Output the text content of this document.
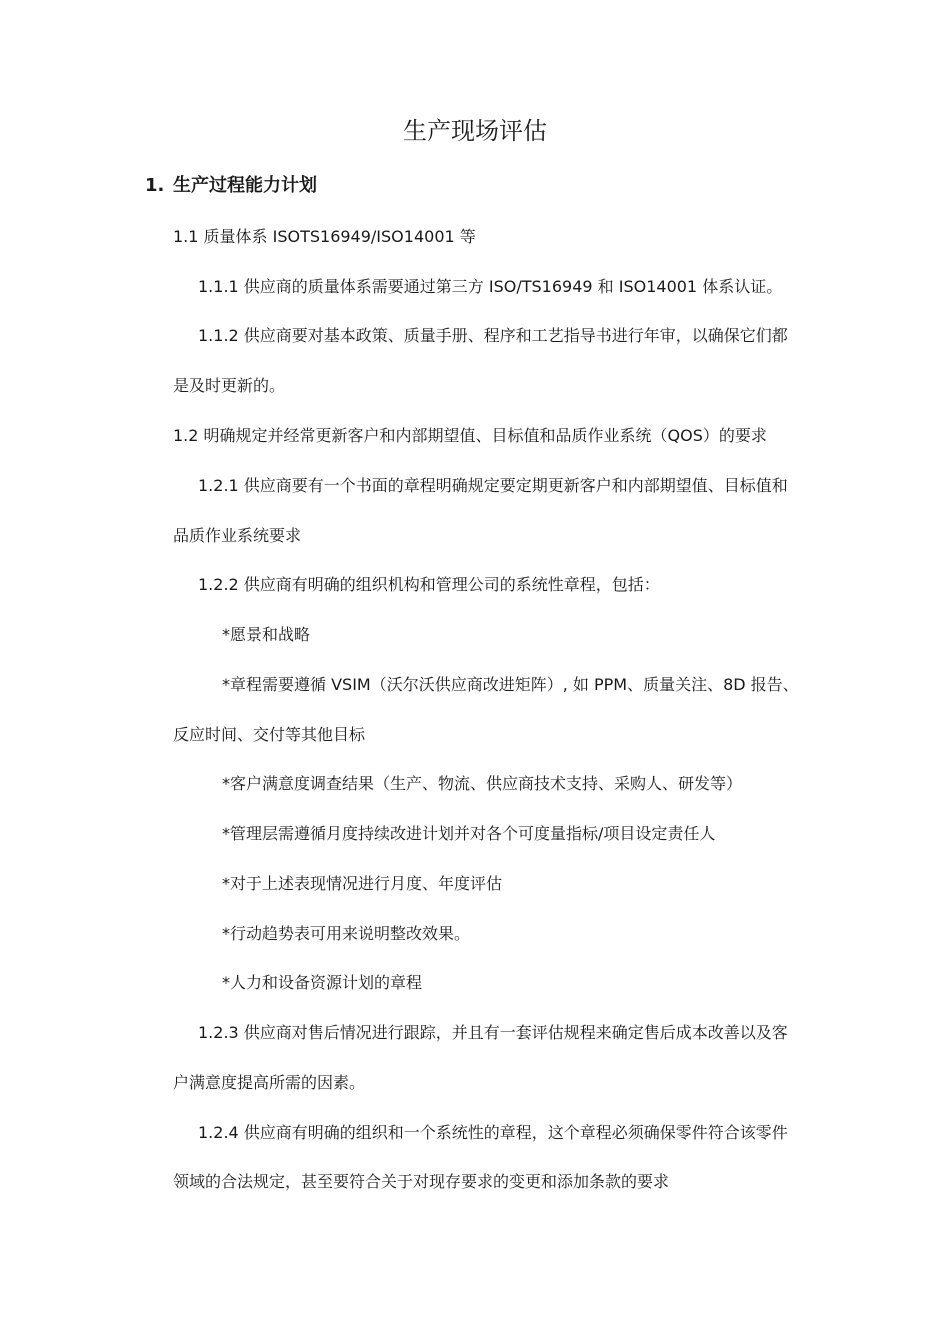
生产现场评估
1. 生产过程能力计划
1.1 质量体系 ISOTS16949/ISO14001 等
1.1.1 供应商的质量体系需要通过第三方 ISO/TS16949 和 ISO14001 体系认证。
1.1.2 供应商要对基本政策、质量手册、程序和工艺指导书进行年审，以确保它们都
是及时更新的。
1.2 明确规定并经常更新客户和内部期望值、目标值和品质作业系统（QOS）的要求
1.2.1 供应商要有一个书面的章程明确规定要定期更新客户和内部期望值、目标值和
品质作业系统要求
1.2.2 供应商有明确的组织机构和管理公司的系统性章程，包括：
*愿景和战略
*章程需要遵循 VSIM（沃尔沃供应商改进矩阵）, 如 PPM、质量关注、8D 报告、
反应时间、交付等其他目标
*客户满意度调查结果（生产、物流、供应商技术支持、采购人、研发等）
*管理层需遵循月度持续改进计划并对各个可度量指标/项目设定责任人
*对于上述表现情况进行月度、年度评估
*行动趋势表可用来说明整改效果。
*人力和设备资源计划的章程
1.2.3 供应商对售后情况进行跟踪，并且有一套评估规程来确定售后成本改善以及客
户满意度提高所需的因素。
1.2.4 供应商有明确的组织和一个系统性的章程，这个章程必须确保零件符合该零件
领域的合法规定，甚至要符合关于对现存要求的变更和添加条款的要求
